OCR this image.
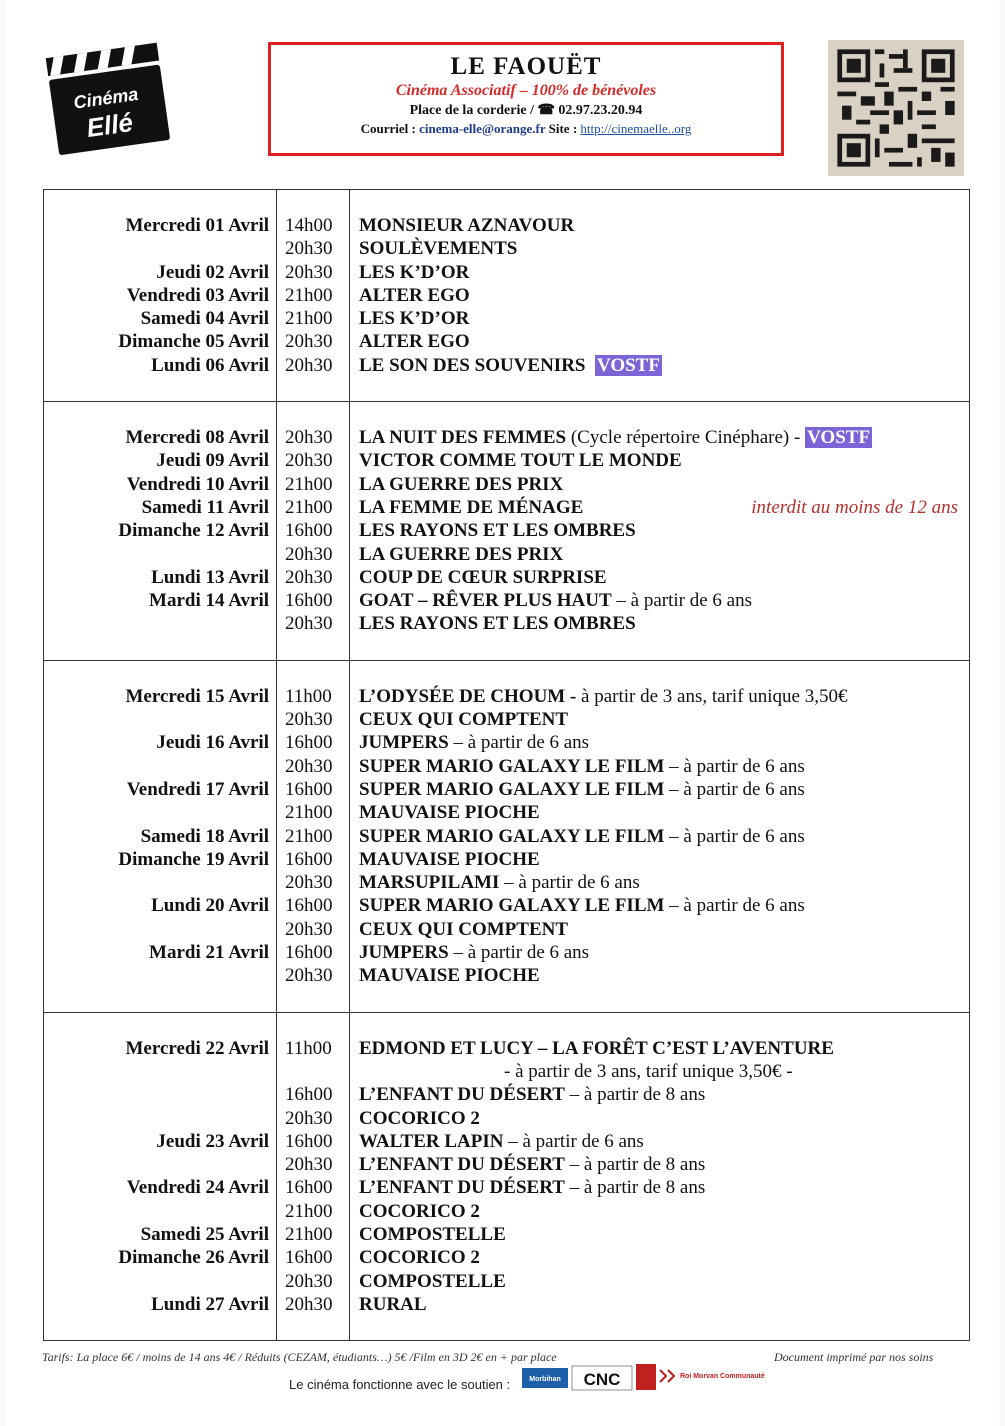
Cinéma
Ellé
LE FAOUËT
Cinéma Associatif – 100% de bénévoles
Place de la corderie / ☎ 02.97.23.20.94
Courriel : cinema-elle@orange.fr Site : http://cinemaelle..org
Mercredi 01 Avril 14h00 MONSIEUR AZNAVOUR
20h30 SOULÈVEMENTS
Jeudi 02 Avril 20h30 LES K’D’OR
Vendredi 03 Avril 21h00 ALTER EGO
Samedi 04 Avril 21h00 LES K’D’OR
Dimanche 05 Avril 20h30 ALTER EGO
Lundi 06 Avril 20h30 LE SON DES SOUVENIRS VOSTF
Mercredi 08 Avril 20h30 LA NUIT DES FEMMES (Cycle répertoire Cinéphare) - VOSTF
Jeudi 09 Avril 20h30 VICTOR COMME TOUT LE MONDE
Vendredi 10 Avril 21h00 LA GUERRE DES PRIX
Samedi 11 Avril 21h00 LA FEMME DE MÉNAGE	interdit au moins de 12 ans
Dimanche 12 Avril 16h00 LES RAYONS ET LES OMBRES
20h30 LA GUERRE DES PRIX
Lundi 13 Avril 20h30 COUP DE CŒUR SURPRISE
Mardi 14 Avril 16h00 GOAT – RÊVER PLUS HAUT – à partir de 6 ans
20h30 LES RAYONS ET LES OMBRES
Mercredi 15 Avril 11h00 L’ODYSÉE DE CHOUM - à partir de 3 ans, tarif unique 3,50€
20h30 CEUX QUI COMPTENT
Jeudi 16 Avril 16h00 JUMPERS – à partir de 6 ans
20h30 SUPER MARIO GALAXY LE FILM – à partir de 6 ans
Vendredi 17 Avril 16h00 SUPER MARIO GALAXY LE FILM – à partir de 6 ans
21h00 MAUVAISE PIOCHE
Samedi 18 Avril 21h00 SUPER MARIO GALAXY LE FILM – à partir de 6 ans
Dimanche 19 Avril 16h00 MAUVAISE PIOCHE
20h30 MARSUPILAMI – à partir de 6 ans
Lundi 20 Avril 16h00 SUPER MARIO GALAXY LE FILM – à partir de 6 ans
20h30 CEUX QUI COMPTENT
Mardi 21 Avril 16h00 JUMPERS – à partir de 6 ans
20h30 MAUVAISE PIOCHE
Mercredi 22 Avril 11h00 EDMOND ET LUCY – LA FORÊT C’EST L’AVENTURE
- à partir de 3 ans, tarif unique 3,50€ -
16h00 L’ENFANT DU DÉSERT – à partir de 8 ans
20h30 COCORICO 2
Jeudi 23 Avril 16h00 WALTER LAPIN – à partir de 6 ans
20h30 L’ENFANT DU DÉSERT – à partir de 8 ans
Vendredi 24 Avril 16h00 L’ENFANT DU DÉSERT – à partir de 8 ans
21h00 COCORICO 2
Samedi 25 Avril 21h00 COMPOSTELLE
Dimanche 26 Avril 16h00 COCORICO 2
20h30 COMPOSTELLE
Lundi 27 Avril 20h30 RURAL
Tarifs: La place 6€ / moins de 14 ans 4€ / Réduits (CEZAM, étudiants…) 5€ /Film en 3D 2€ en + par place	Document imprimé par nos soins
Le cinéma fonctionne avec le soutien :	Morbihan CNC	Roi Morvan Communauté
